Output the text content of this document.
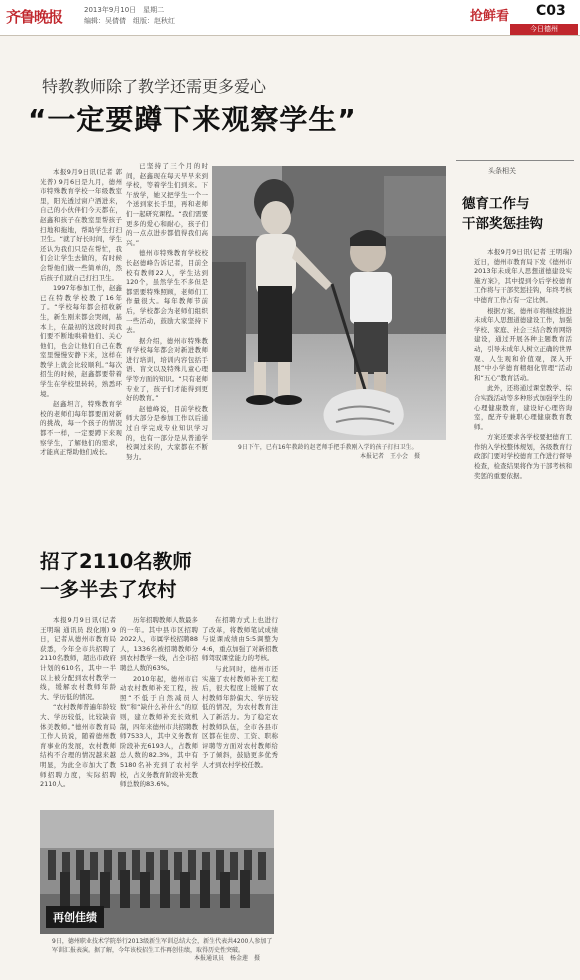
齐鲁晚报	2013年9月10日　星期二
编辑：吴倩倩　组版：赵秋红	抢鲜看 C03
今日德州
特教教师除了教学还需更多爱心
“一定要蹲下来观察学生”

本报9月9日讯(记者 郭光普) 9月6日是九月，德州市特殊教育学校一年级教室里，阳光透过窗户洒进来，自己的小伙伴们今天都在，赵鑫和孩子在教室里帮孩子扫地和拖地，帮助学生打扫卫生。“就了好长时间，学生还认为我们只是在帮忙，我们会让学生去做的，有时候会帮他们做一些简单的，然后孩子们就自己打扫卫生。

1997年参加工作，赵鑫已在特教学校教了16年了。“学校每年都会招收新生，新生刚来都会哭闹，基本上，在最初的这段时间我们要不断地哄着他们、关心他们，也会让他们自己在教室里慢慢安静下来，这样在教学上就会比较顺利。”每次招生的时候，赵鑫都要带着学生在学校里转转，熟悉环境。

赵鑫坦言，特殊教育学校的老师们每年都要面对新的挑战，每一个孩子的情况都不一样，一定要蹲下来观察学生，了解他们的需求，才能真正帮助他们成长。

已坚持了三个月的时间，赵鑫现在每天早早来到学校，等着学生们到来。下午放学，她又把学生一个一个送到家长手里，再和老师们一起研究课程。“我们需要更多的爱心和耐心，孩子们的一点点进步都值得我们高兴。”

德州市特殊教育学校校长赵德峰告诉记者，目前全校有教师22人，学生达到120个，虽然学生不多但是都需要特殊照顾，老师们工作量很大。每年教师节前后，学校都会为老师们组织一些活动，鼓励大家坚持下去。

据介绍，德州市特殊教育学校每年都会对新进教师进行培训，培训内容包括手语、盲文以及特殊儿童心理学等方面的知识。“只有老师专业了，孩子们才能得到更好的教育。”

赵德峰说，目前学校教师大部分是参加工作以后通过自学完成专业知识学习的，也有一部分是从普通学校调过来的，大家都在不断努力。

9日下午，已有16年教龄的赵老师手把手教刚入学的孩子打扫卫生。
本报记者　王小会　摄
头条相关
德育工作与
干部奖惩挂钩

本报9月9日讯(记者 王明瑞) 近日，德州市教育局下发《德州市2013年未成年人思想道德建设实施方案》，其中提到今后学校德育工作将与干部奖惩挂钩，年终考核中德育工作占有一定比例。

根据方案，德州市将继续推进未成年人思想道德建设工作，加强学校、家庭、社会三结合教育网络建设，通过开展各种主题教育活动，引导未成年人树立正确的世界观、人生观和价值观，深入开展“中小学德育精细化管理”活动和“五心”教育活动。

此外，还将通过课堂教学、综合实践活动等多种形式加强学生的心理健康教育，建设好心理咨询室，配齐专兼职心理健康教育教师。

方案还要求各学校要把德育工作纳入学校整体规划，各级教育行政部门要对学校德育工作进行督导检查，检查结果将作为干部考核和奖惩的重要依据。

招了2110名教师
一多半去了农村

本报9月9日讯(记者 王明瑞 通讯员 段化刚) 9日，记者从德州市教育局获悉，今年全市共招聘了2110名教师，超出市政府计划的610名，其中一半以上被分配到农村教学一线，缓解农村教师年龄大、学历低的情况。

“农村教师普遍年龄较大、学历较低，比较缺音体美教师。”德州市教育局工作人员说，随着德州教育事业的发展，农村教师结构不合理的情况越来越明显，为此全市加大了教师招聘力度，实际招聘2110人。

历年招聘教师人数最多的一年。其中县市区招聘2022人，市属学校招聘88人，1336名被招聘教师分到农村教学一线，占全市招聘总人数的63%。

2010年起，德州市启动农村教师补充工程，按照“不低于自然减员人数”和“缺什么补什么”的原则，建立教师补充长效机制，四年来德州市共招聘教师7533人，其中义务教育阶段补充6193人，占教师总人数的82.3%，其中有5180名补充到了农村学校，占义务教育阶段补充教师总数的83.6%。

在招聘方式上也进行了改革，将教师笔试成绩与说课成绩由5:5调整为4:6，重点加强了对新招教师驾驭课堂能力的考核。

与此同时，德州市还实施了农村教师补充工程后，很大程度上缓解了农村教师年龄偏大、学历较低的情况，为农村教育注入了新活力。为了稳定农村教师队伍，全市各县市区都在住房、工资、职称评聘等方面对农村教师给予了倾斜，鼓励更多优秀人才到农村学校任教。

再创佳绩
9日，德州职业技术学院举行2013级新生军训总结大会，新生代表共4200人参加了军训汇报表演。据了解，今年该校招生工作再创佳绩，取得历史性突破。
本报通讯员　杨金莲　摄
